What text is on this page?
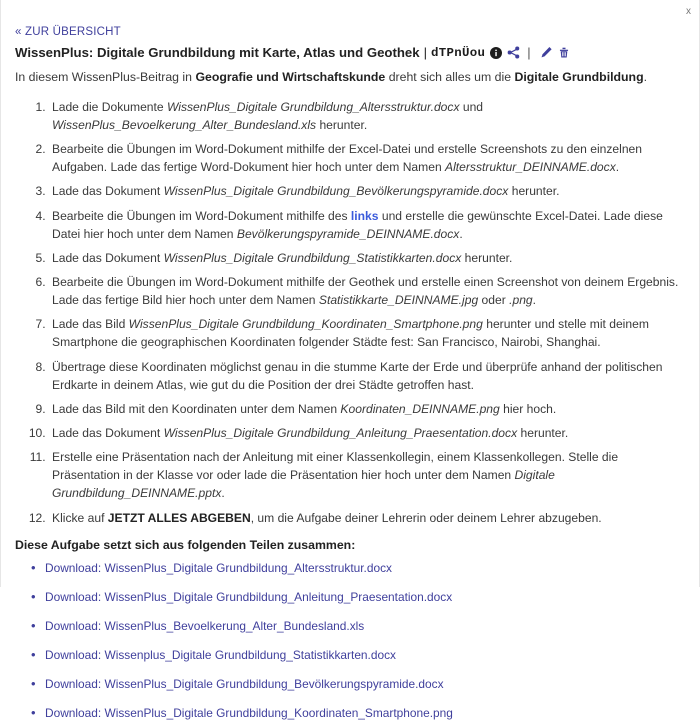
x
« ZUR ÜBERSICHT
WissenPlus: Digitale Grundbildung mit Karte, Atlas und Geothek | dTPnÜou	|
In diesem WissenPlus-Beitrag in Geografie und Wirtschaftskunde dreht sich alles um die Digitale Grundbildung.
1. Lade die Dokumente WissenPlus_Digitale Grundbildung_Altersstruktur.docx und WissenPlus_Bevoelkerung_Alter_Bundesland.xls herunter.
2. Bearbeite die Übungen im Word-Dokument mithilfe der Excel-Datei und erstelle Screenshots zu den einzelnen Aufgaben. Lade das fertige Word-Dokument hier hoch unter dem Namen Altersstruktur_DEINNAME.docx.
3. Lade das Dokument WissenPlus_Digitale Grundbildung_Bevölkerungspyramide.docx herunter.
4. Bearbeite die Übungen im Word-Dokument mithilfe des links und erstelle die gewünschte Excel-Datei. Lade diese Datei hier hoch unter dem Namen Bevölkerungspyramide_DEINNAME.docx.
5. Lade das Dokument WissenPlus_Digitale Grundbildung_Statistikkarten.docx herunter.
6. Bearbeite die Übungen im Word-Dokument mithilfe der Geothek und erstelle einen Screenshot von deinem Ergebnis. Lade das fertige Bild hier hoch unter dem Namen Statistikkarte_DEINNAME.jpg oder .png.
7. Lade das Bild WissenPlus_Digitale Grundbildung_Koordinaten_Smartphone.png herunter und stelle mit deinem Smartphone die geographischen Koordinaten folgender Städte fest: San Francisco, Nairobi, Shanghai.
8. Übertrage diese Koordinaten möglichst genau in die stumme Karte der Erde und überprüfe anhand der politischen Erdkarte in deinem Atlas, wie gut du die Position der drei Städte getroffen hast.
9. Lade das Bild mit den Koordinaten unter dem Namen Koordinaten_DEINNAME.png hier hoch.
10. Lade das Dokument WissenPlus_Digitale Grundbildung_Anleitung_Praesentation.docx herunter.
11. Erstelle eine Präsentation nach der Anleitung mit einer Klassenkollegin, einem Klassenkollegen. Stelle die Präsentation in der Klasse vor oder lade die Präsentation hier hoch unter dem Namen Digitale Grundbildung_DEINNAME.pptx.
12. Klicke auf JETZT ALLES ABGEBEN, um die Aufgabe deiner Lehrerin oder deinem Lehrer abzugeben.
Diese Aufgabe setzt sich aus folgenden Teilen zusammen:
• Download: WissenPlus_Digitale Grundbildung_Altersstruktur.docx
• Download: WissenPlus_Digitale Grundbildung_Anleitung_Praesentation.docx
• Download: WissenPlus_Bevoelkerung_Alter_Bundesland.xls
• Download: Wissenplus_Digitale Grundbildung_Statistikkarten.docx
• Download: WissenPlus_Digitale Grundbildung_Bevölkerungspyramide.docx
• Download: WissenPlus_Digitale Grundbildung_Koordinaten_Smartphone.png
